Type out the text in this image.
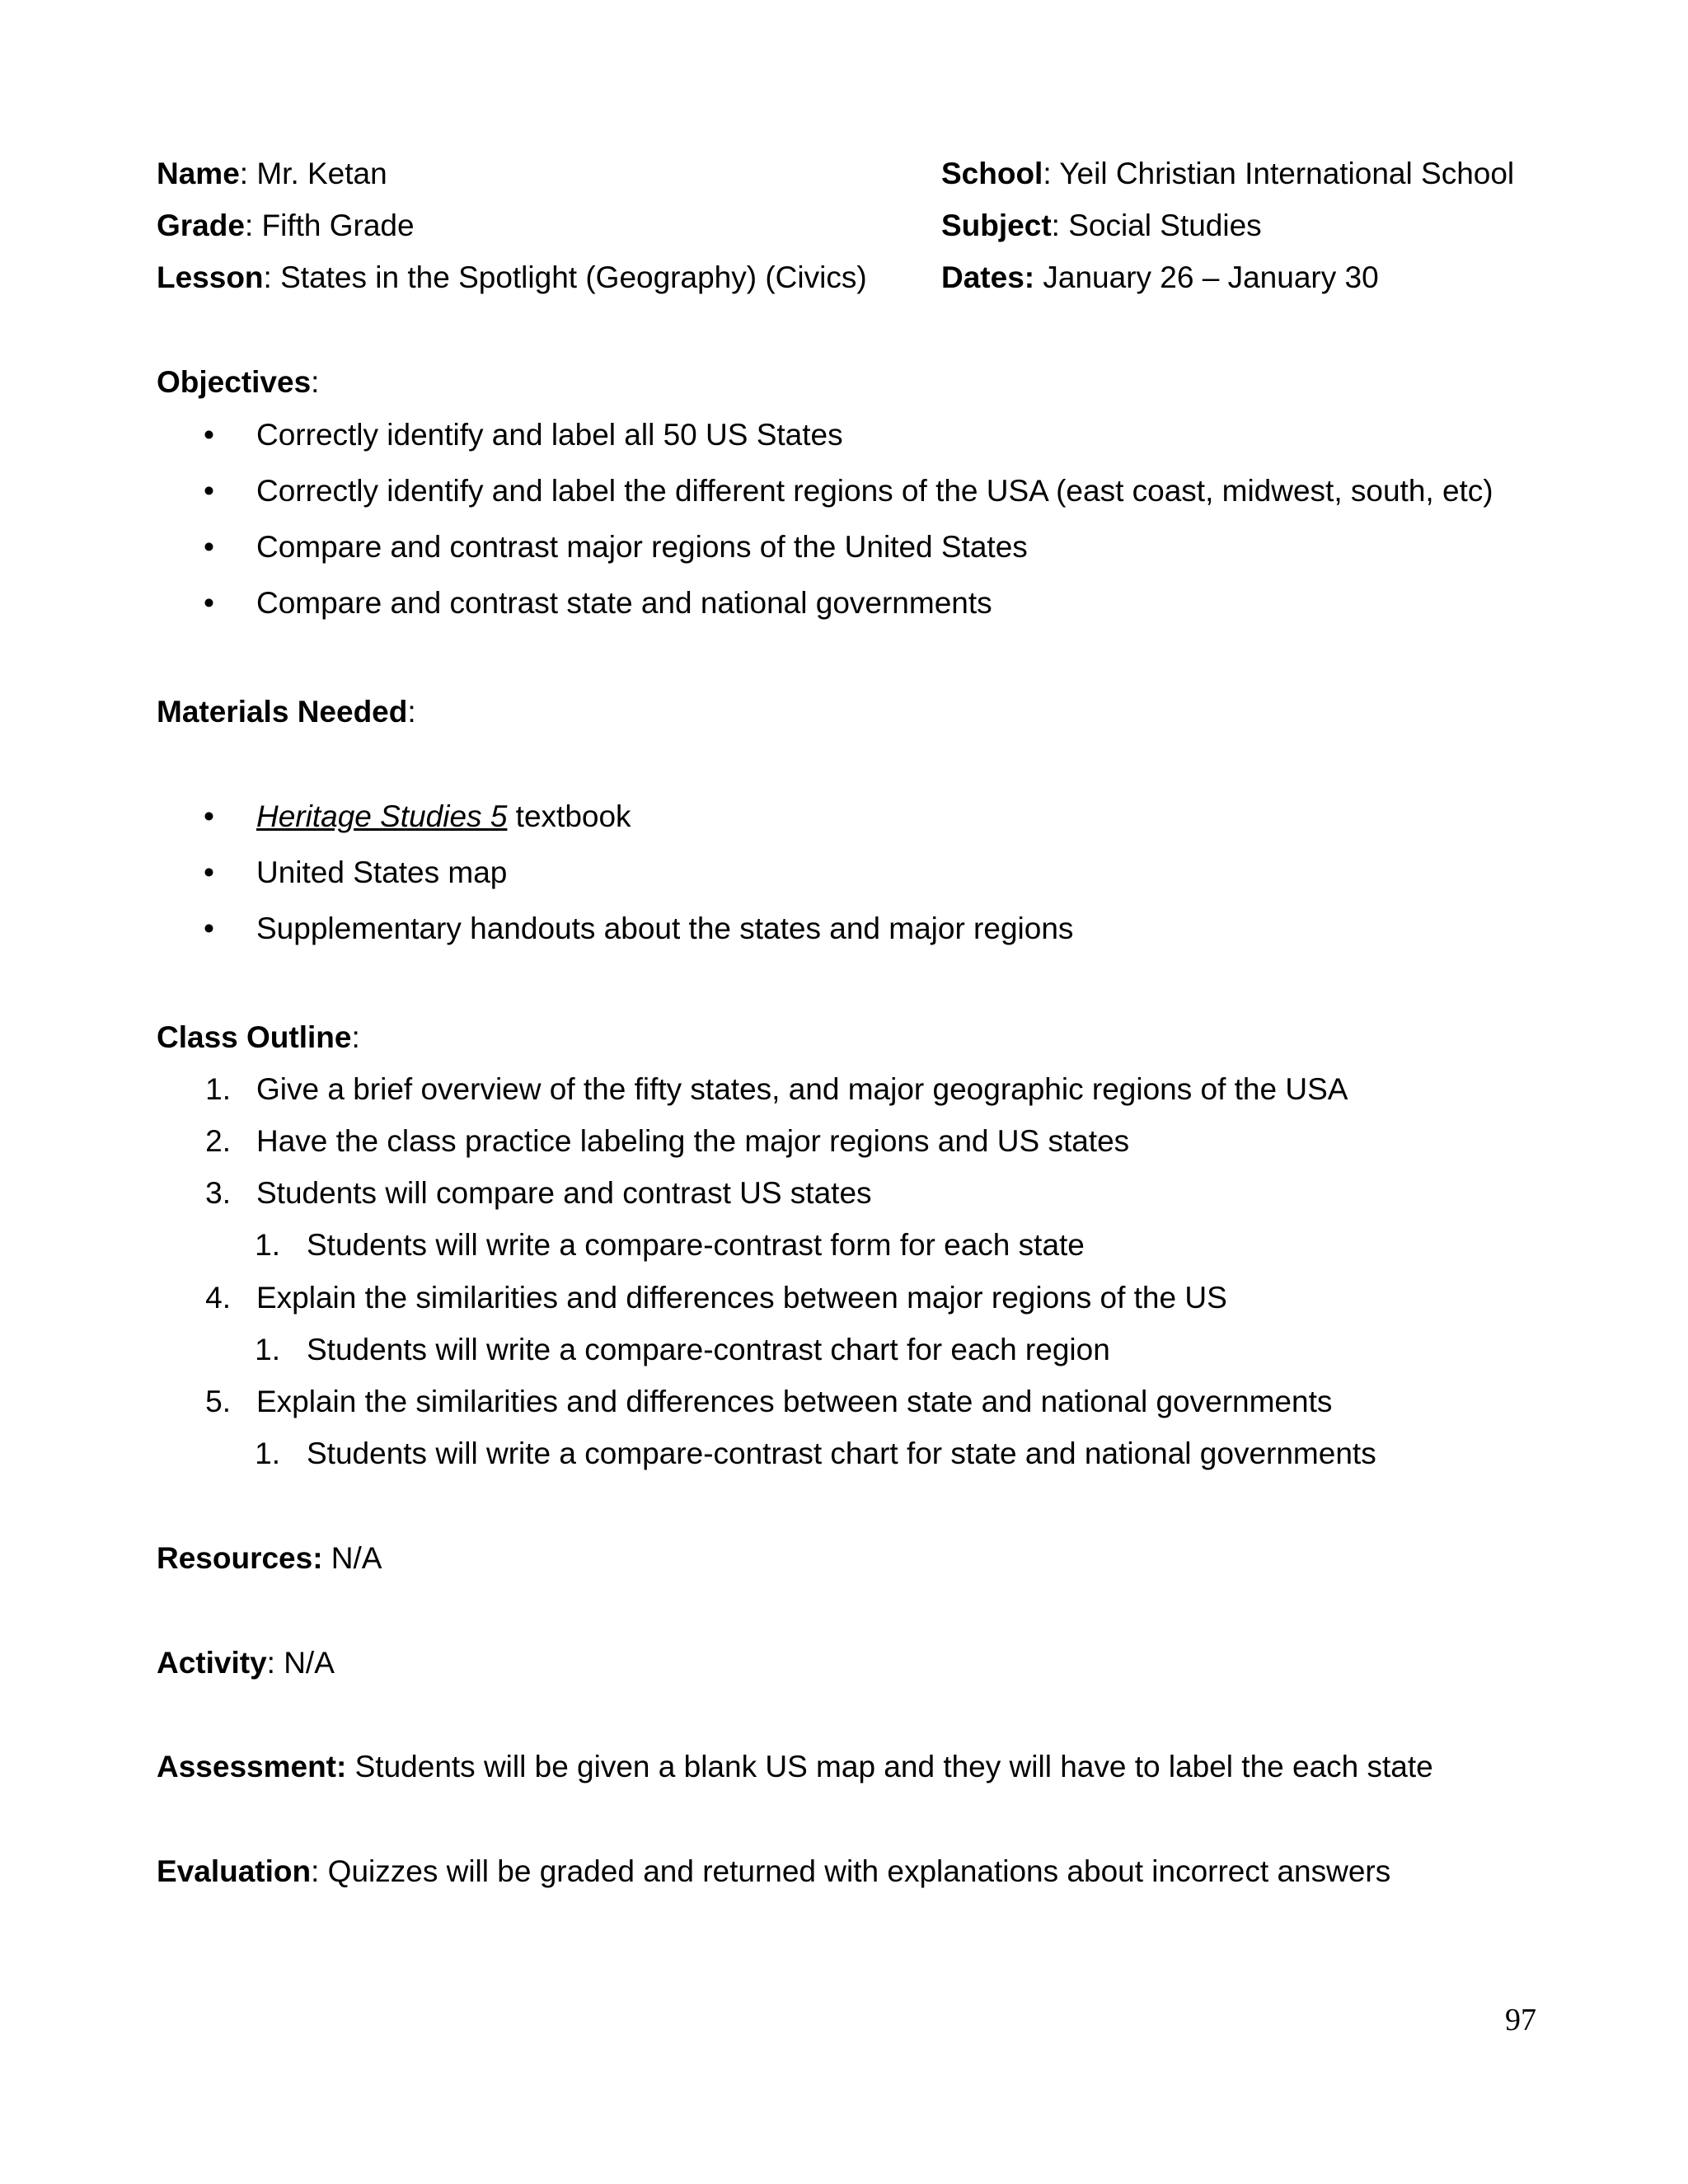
Name: Mr. Ketan
Grade: Fifth Grade
Lesson: States in the Spotlight (Geography) (Civics)
School: Yeil Christian International School
Subject: Social Studies
Dates: January 26 – January 30
Objectives:
• Correctly identify and label all 50 US States
• Correctly identify and label the different regions of the USA (east coast, midwest, south, etc)
• Compare and contrast major regions of the United States
• Compare and contrast state and national governments
Materials Needed:
• Heritage Studies 5 textbook
• United States map
• Supplementary handouts about the states and major regions
Class Outline:
1. Give a brief overview of the fifty states, and major geographic regions of the USA
2. Have the class practice labeling the major regions and US states
3. Students will compare and contrast US states
1. Students will write a compare-contrast form for each state
4. Explain the similarities and differences between major regions of the US
1. Students will write a compare-contrast chart for each region
5. Explain the similarities and differences between state and national governments
1. Students will write a compare-contrast chart for state and national governments
Resources: N/A
Activity: N/A
Assessment: Students will be given a blank US map and they will have to label the each state
Evaluation: Quizzes will be graded and returned with explanations about incorrect answers
97
